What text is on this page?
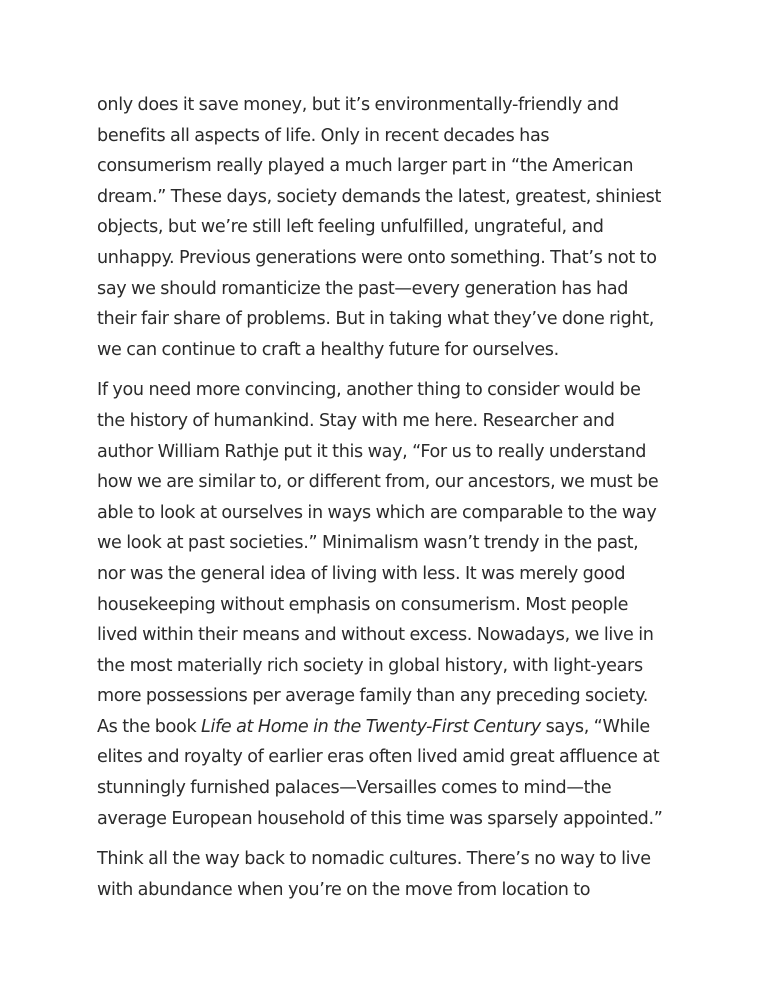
only does it save money, but it’s environmentally-friendly and
benefits all aspects of life. Only in recent decades has
consumerism really played a much larger part in “the American
dream.” These days, society demands the latest, greatest, shiniest
objects, but we’re still left feeling unfulfilled, ungrateful, and
unhappy. Previous generations were onto something. That’s not to
say we should romanticize the past—every generation has had
their fair share of problems. But in taking what they’ve done right,
we can continue to craft a healthy future for ourselves.

If you need more convincing, another thing to consider would be
the history of humankind. Stay with me here. Researcher and
author William Rathje put it this way, “For us to really understand
how we are similar to, or different from, our ancestors, we must be
able to look at ourselves in ways which are comparable to the way
we look at past societies.” Minimalism wasn’t trendy in the past,
nor was the general idea of living with less. It was merely good
housekeeping without emphasis on consumerism. Most people
lived within their means and without excess. Nowadays, we live in
the most materially rich society in global history, with light-years
more possessions per average family than any preceding society.
As the book Life at Home in the Twenty-First Century says, “While
elites and royalty of earlier eras often lived amid great affluence at
stunningly furnished palaces—Versailles comes to mind—the
average European household of this time was sparsely appointed.”

Think all the way back to nomadic cultures. There’s no way to live
with abundance when you’re on the move from location to
